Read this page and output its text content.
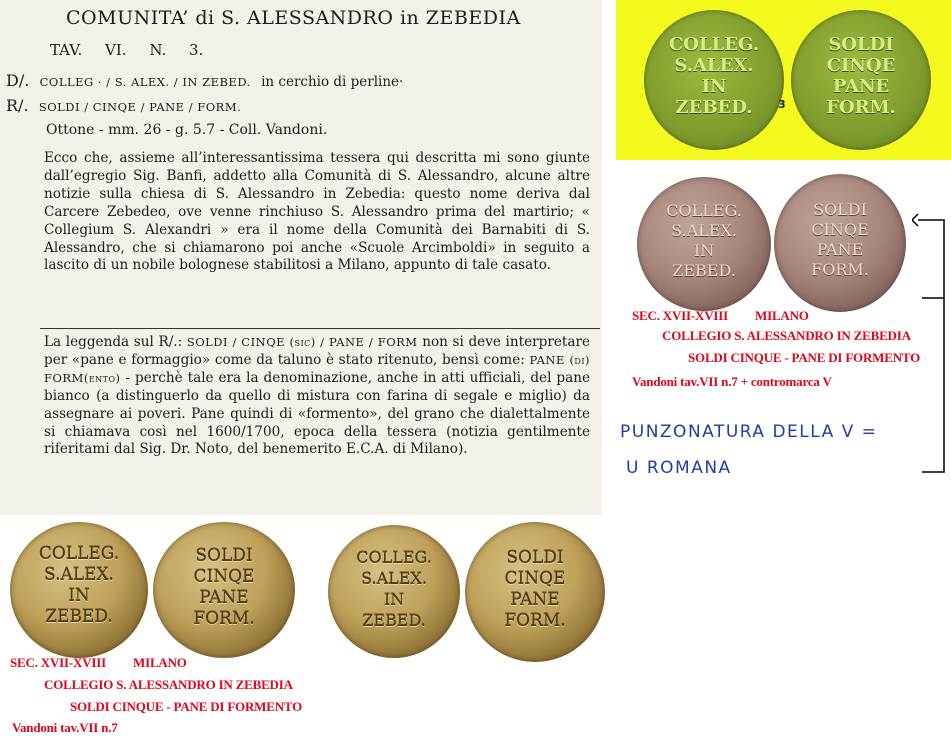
COMUNITA’ di S. ALESSANDRO in ZEBEDIA
TAV. VI. N. 3.
D/. COLLEG · / S. ALEX. / IN ZEBED. in cerchio di perline·
R/. SOLDI / CINQE / PANE / FORM.
Ottone - mm. 26 - g. 5.7 - Coll. Vandoni.
Ecco che, assieme all’interessantissima tessera qui descritta mi sono giunte dall’egregio Sig. Banfi, addetto alla Comunità di S. Alessandro, alcune altre notizie sulla chiesa di S. Alessandro in Zebedia: questo nome deriva dal Carcere Zebedeo, ove venne rinchiuso S. Alessandro prima del martirio; « Collegium S. Alexandri » era il nome della Comunità dei Barnabiti di S. Alessandro, che si chiamarono poi anche «Scuole Arcimboldi» in seguito a lascito di un nobile bolognese stabilitosi a Milano, appunto di tale casato.
La leggenda sul R/.: SOLDI / CINQE (sic) / PANE / FORM non si deve interpretare per «pane e formaggio» come da taluno è stato ritenuto, bensì come: PANE (di) FORM(ento) - perchè tale era la denominazione, anche in atti ufficiali, del pane bianco (a distinguerlo da quello di mistura con farina di segale e miglio) da assegnare ai poveri. Pane quindi di «formento», del grano che dialettalmente si chiamava così nel 1600/1700, epoca della tessera (notizia gentilmente riferitami dal Sig. Dr. Noto, del benemerito E.C.A. di Milano).
COLLEG.
S.ALEX.
IN
ZEBED.
SOLDI
CINQE
PANE
FORM.
3
COLLEG.
S.ALEX.
IN
ZEBED.
SOLDI
CINQE
PANE
FORM.
SEC. XVII-XVIII MILANO
COLLEGIO S. ALESSANDRO IN ZEBEDIA
SOLDI CINQUE - PANE DI FORMENTO
Vandoni tav.VII n.7 + contromarca V
PUNZONATURA DELLA V =
U ROMANA
COLLEG.
S.ALEX.
IN
ZEBED.
SOLDI
CINQE
PANE
FORM.
COLLEG.
S.ALEX.
IN
ZEBED.
SOLDI
CINQE
PANE
FORM.
SEC. XVII-XVIII MILANO
COLLEGIO S. ALESSANDRO IN ZEBEDIA
SOLDI CINQUE - PANE DI FORMENTO
Vandoni tav.VII n.7
